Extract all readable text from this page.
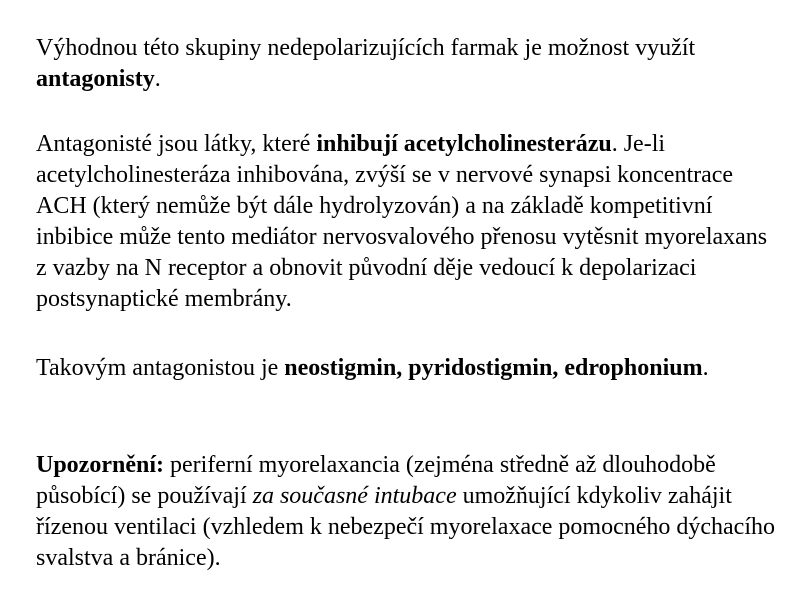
Výhodnou této skupiny nedepolarizujících farmak je možnost využít antagonisty.

Antagonisté jsou látky, které inhibují acetylcholinesterázu. Je-li acetylcholinesteráza inhibována, zvýší se v nervové synapsi koncentrace ACH (který nemůže být dále hydrolyzován) a na základě kompetitivní inbibice může tento mediátor nervosvalového přenosu vytěsnit myorelaxans z vazby na N receptor a obnovit původní děje vedoucí k depolarizaci postsynaptické membrány.

Takovým antagonistou je neostigmin, pyridostigmin, edrophonium.

Upozornění: periferní myorelaxancia (zejména středně až dlouhodobě působící) se používají za současné intubace umožňující kdykoliv zahájit řízenou ventilaci (vzhledem k nebezpečí myorelaxace pomocného dýchacího svalstva a bránice).
